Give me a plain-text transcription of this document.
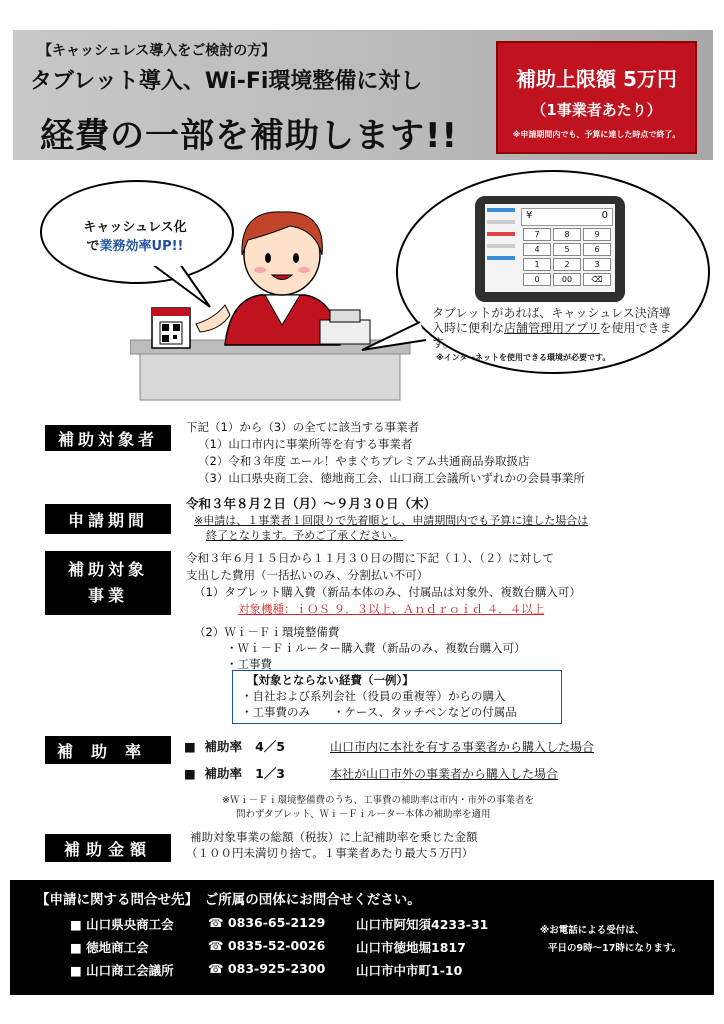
【キャッシュレス導入をご検討の方】
タブレット導入、Wi-Fi環境整備に対し
経費の一部を補助します!!
補助上限額 5万円
（1事業者あたり）
※申請期間内でも、予算に達した時点で終了。
キャッシュレス化
で業務効率UP!!
¥	0
7	8	9
4	5	6
1	2	3
0	00	⌫
タブレットがあれば、キャッシュレス決済導入時に便利な店舗管理用アプリを使用できます。
※インターネットを使用できる環境が必要です。
補助対象者
下記（1）から（3）の全てに該当する事業者
（1）山口市内に事業所等を有する事業者
（2）令和３年度 エール！やまぐちプレミアム共通商品券取扱店
（3）山口県央商工会、徳地商工会、山口商工会議所いずれかの会員事業所
申請期間
令和３年８月２日（月）～９月３０日（木）
※申請は、１事業者１回限りで先着順とし、申請期間内でも予算に達した場合は
終了となります。予めご了承ください。
補助対象
事業
令和３年６月１５日から１１月３０日の間に下記（１）、（２）に対して
支出した費用（一括払いのみ、分割払い不可）
（1）タブレット購入費（新品本体のみ、付属品は対象外、複数台購入可）
対象機種：ｉＯＳ ９．３以上、Ａｎｄｒｏｉｄ ４．４以上
（2）Ｗｉ－Ｆｉ環境整備費
・Ｗｉ－Ｆｉルーター購入費（新品のみ、複数台購入可）
・工事費
【対象とならない経費（一例）】
・自社および系列会社（役員の重複等）からの購入
・工事費のみ　　・ケース、タッチペンなどの付属品
補助率	■  補助率 4／5	山口市内に本社を有する事業者から購入した場合
■  補助率 1／3	本社が山口市外の事業者から購入した場合
※Ｗｉ－Ｆｉ環境整備費のうち、工事費の補助率は市内・市外の事業者を
問わずタブレット、Ｗｉ－Ｆｉルーター本体の補助率を適用
補助金額
補助対象事業の総額（税抜）に上記補助率を乗じた金額
（１００円未満切り捨て。１事業者あたり最大５万円）
【申請に関する問合せ先】　ご所属の団体にお問合せください。
■ 山口県央商工会	☎ 0836-65-2129 山口市阿知須4233-31
■ 徳地商工会	☎ 0835-52-0026 山口市徳地堀1817
■ 山口商工会議所	☎ 083-925-2300 山口市中市町1-10
※お電話による受付は、
平日の9時～17時になります。
